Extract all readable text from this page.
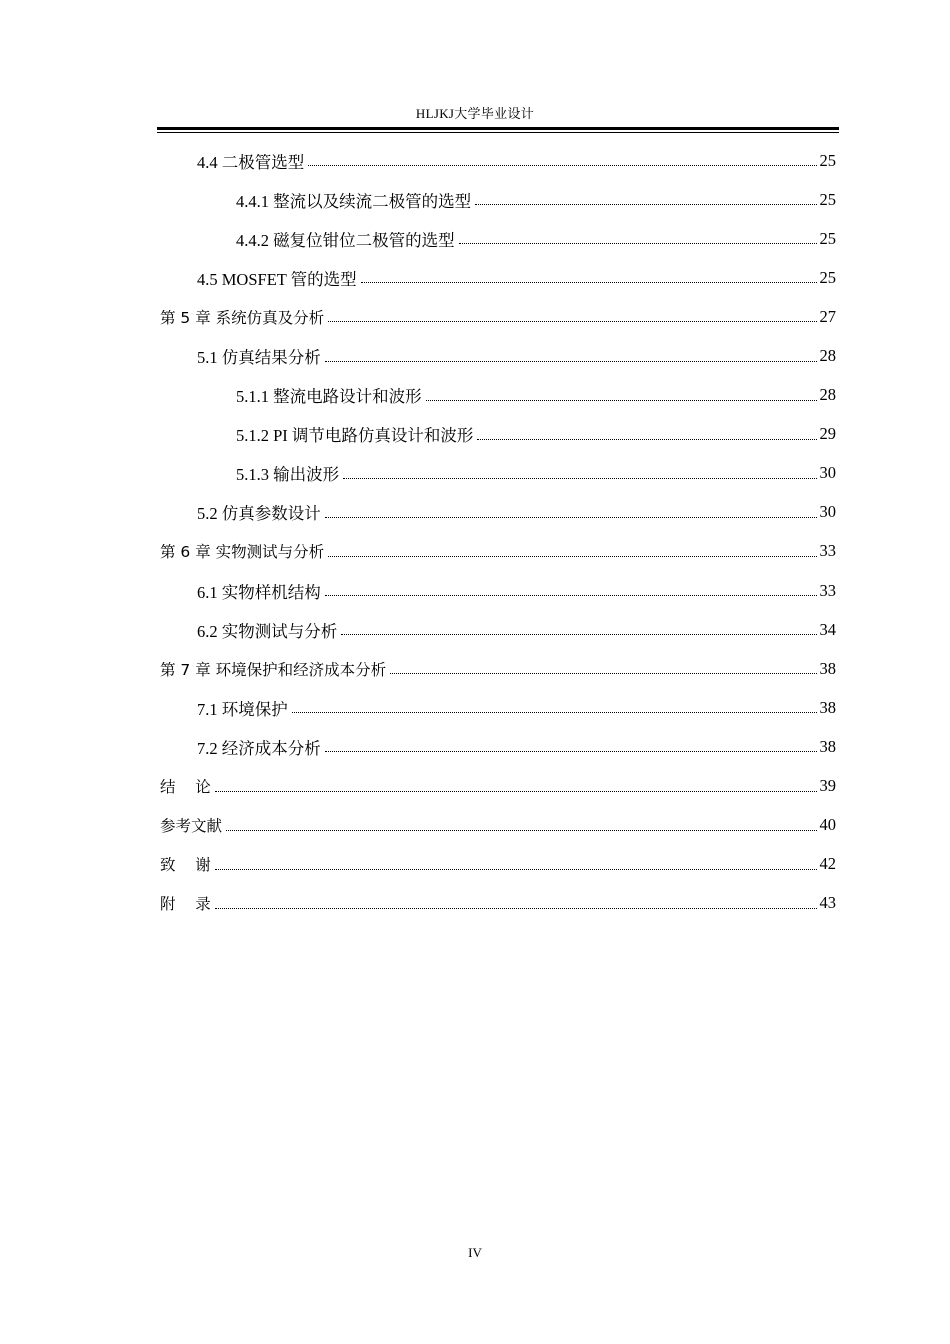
HLJKJ大学毕业设计
4.4 二极管选型	25
4.4.1 整流以及续流二极管的选型	25
4.4.2 磁复位钳位二极管的选型	25
4.5 MOSFET 管的选型	25
第 5 章 系统仿真及分析	27
5.1 仿真结果分析	28
5.1.1 整流电路设计和波形	28
5.1.2 PI 调节电路仿真设计和波形	29
5.1.3 输出波形	30
5.2 仿真参数设计	30
第 6 章 实物测试与分析	33
6.1 实物样机结构	33
6.2 实物测试与分析	34
第 7 章 环境保护和经济成本分析	38
7.1 环境保护	38
7.2 经济成本分析	38
结    论	39
参考文献	40
致    谢	42
附    录	43
IV
